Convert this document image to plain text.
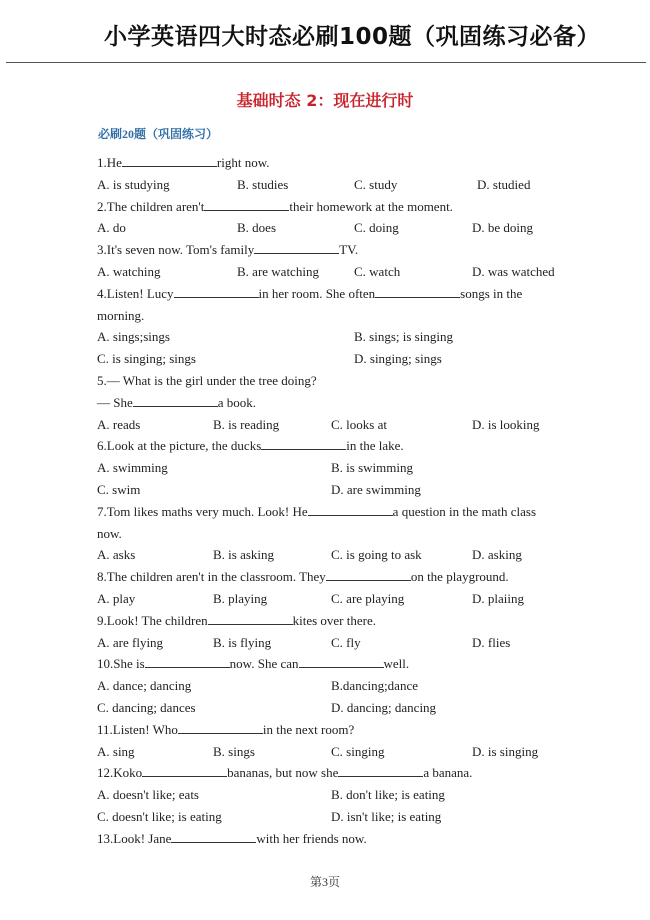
小学英语四大时态必刷100题（巩固练习必备）
基础时态 2：现在进行时
必刷20题（巩固练习）
1.He	right now.
A. is studying	B. studies	C. study	D. studied
2.The children aren't	their homework at the moment.
A. do	B. does	C. doing	D. be doing
3.It's seven now. Tom's family	TV.
A. watching	B. are watching	C. watch	D. was watched
4.Listen! Lucy	in her room. She often	songs in the
morning.
A. sings;sings	B. sings; is singing
C. is singing; sings	D. singing; sings
5.— What is the girl under the tree doing?
— She	a book.
A. reads	B. is reading	C. looks at	D. is looking
6.Look at the picture, the ducks	in the lake.
A. swimming	B. is swimming
C. swim	D. are swimming
7.Tom likes maths very much. Look! He	a question in the math class
now.
A. asks	B. is asking	C. is going to ask	D. asking
8.The children aren't in the classroom. They	on the playground.
A. play	B. playing	C. are playing	D. plaiing
9.Look! The children	kites over there.
A. are flying	B. is flying	C. fly	D. flies
10.She is	now. She can	well.
A. dance; dancing	B.dancing;dance
C. dancing; dances	D. dancing; dancing
11.Listen! Who	in the next room?
A. sing	B. sings	C. singing	D. is singing
12.Koko	bananas, but now she	a banana.
A. doesn't like; eats	B. don't like; is eating
C. doesn't like; is eating	D. isn't like; is eating
13.Look! Jane	with her friends now.
第3页
